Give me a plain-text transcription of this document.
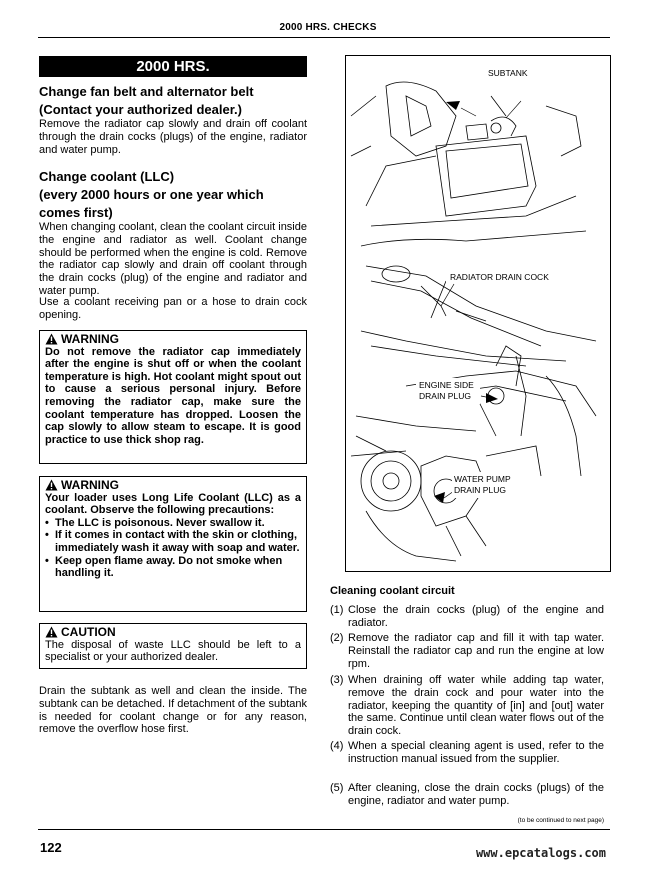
2000 HRS. CHECKS
2000 HRS.
Change fan belt and alternator belt
(Contact your authorized dealer.)
Remove the radiator cap slowly and drain off coolant through the drain cocks (plugs) of the engine, radiator and water pump.
Change coolant (LLC)
(every 2000 hours or one year which
comes first)
When changing coolant, clean the coolant circuit inside the engine and radiator as well. Coolant change should be performed when the engine is cold. Remove the radiator cap slowly and drain off coolant through the drain cocks (plug) of the engine and radiator and water pump.
Use a coolant receiving pan or a hose to drain cock opening.
WARNING
Do not remove the radiator cap immediately after the engine is shut off or when the coolant temperature is high. Hot coolant might spout out to cause a serious personal injury. Before removing the radiator cap, make sure the coolant temperature has dropped. Loosen the cap slowly to allow steam to escape. It is good practice to use thick shop rag.
WARNING
Your loader uses Long Life Coolant (LLC) as a coolant. Observe the following precautions:
• The LLC is poisonous. Never swallow it.
• If it comes in contact with the skin or clothing, immediately wash it away with soap and water.
• Keep open flame away. Do not smoke when handling it.
CAUTION
The disposal of waste LLC should be left to a specialist or your authorized dealer.
Drain the subtank as well and clean the inside. The subtank can be detached. If detachment of the subtank is needed for coolant change or for any reason, remove the overflow hose first.
SUBTANK
RADIATOR DRAIN COCK
ENGINE SIDE
DRAIN PLUG
WATER PUMP
DRAIN PLUG
Cleaning coolant circuit
(1) Close the drain cocks (plug) of the engine and radiator.
(2) Remove the radiator cap and fill it with tap water. Reinstall the radiator cap and run the engine at low rpm.
(3) When draining off water while adding tap water, remove the drain cock and pour water into the radiator, keeping the quantity of [in] and [out] water the same. Continue until clean water flows out of the drain cock.
(4) When a special cleaning agent is used, refer to the instruction manual issued from the supplier.
(5) After cleaning, close the drain cocks (plugs) of the engine, radiator and water pump.
(to be continued to next page)
122	www.epcatalogs.com
